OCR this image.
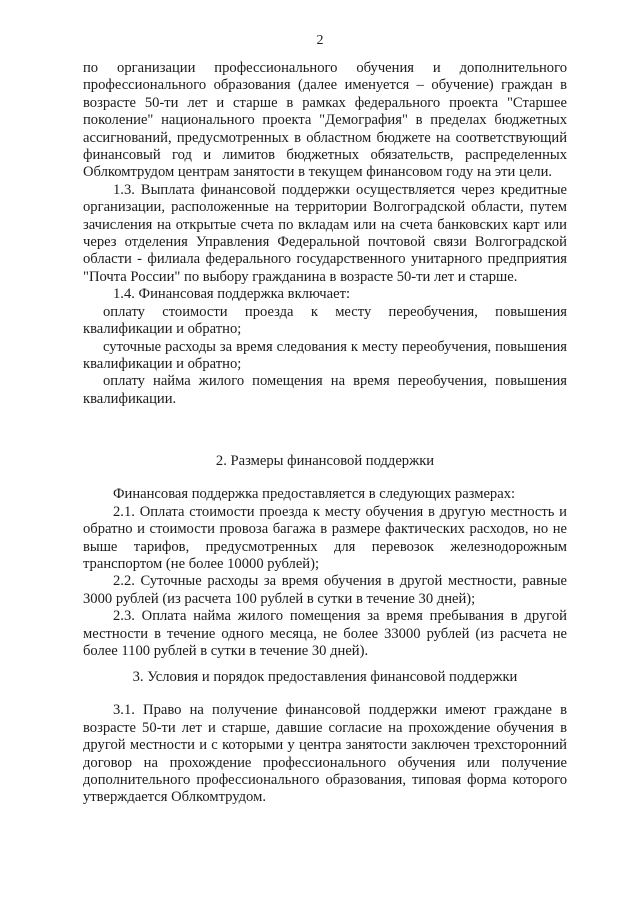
2

по организации профессионального обучения и дополнительного профессионального образования (далее именуется – обучение) граждан в возрасте 50-ти лет и старше в рамках федерального проекта "Старшее поколение" национального проекта "Демография" в пределах бюджетных ассигнований, предусмотренных в областном бюджете на соответствующий финансовый год и лимитов бюджетных обязательств, распределенных Облкомтрудом центрам занятости в текущем финансовом году на эти цели.

1.3. Выплата финансовой поддержки осуществляется через кредитные организации, расположенные на территории Волгоградской области, путем зачисления на открытые счета по вкладам или на счета банковских карт или через отделения Управления Федеральной почтовой связи Волгоградской области - филиала федерального государственного унитарного предприятия "Почта России" по выбору гражданина в возрасте 50-ти лет и старше.

1.4. Финансовая поддержка включает:

оплату стоимости проезда к месту переобучения, повышения квалификации и обратно;

суточные расходы за время следования к месту переобучения, повышения квалификации и обратно;

оплату найма жилого помещения на время переобучения, повышения квалификации.

2. Размеры финансовой поддержки

Финансовая поддержка предоставляется в следующих размерах:

2.1. Оплата стоимости проезда к месту обучения в другую местность и обратно и стоимости провоза багажа в размере фактических расходов, но не выше тарифов, предусмотренных для перевозок железнодорожным транспортом (не более 10000 рублей);

2.2. Суточные расходы за время обучения в другой местности, равные 3000 рублей (из расчета 100 рублей в сутки в течение 30 дней);

2.3. Оплата найма жилого помещения за время пребывания в другой местности в течение одного месяца, не более 33000 рублей (из расчета не более 1100 рублей в сутки в течение 30 дней).

3. Условия и порядок предоставления финансовой поддержки

3.1. Право на получение финансовой поддержки имеют граждане в возрасте 50-ти лет и старше, давшие согласие на прохождение обучения в другой местности и с которыми у центра занятости заключен трехсторонний договор на прохождение профессионального обучения или получение дополнительного профессионального образования, типовая форма которого утверждается Облкомтрудом.
